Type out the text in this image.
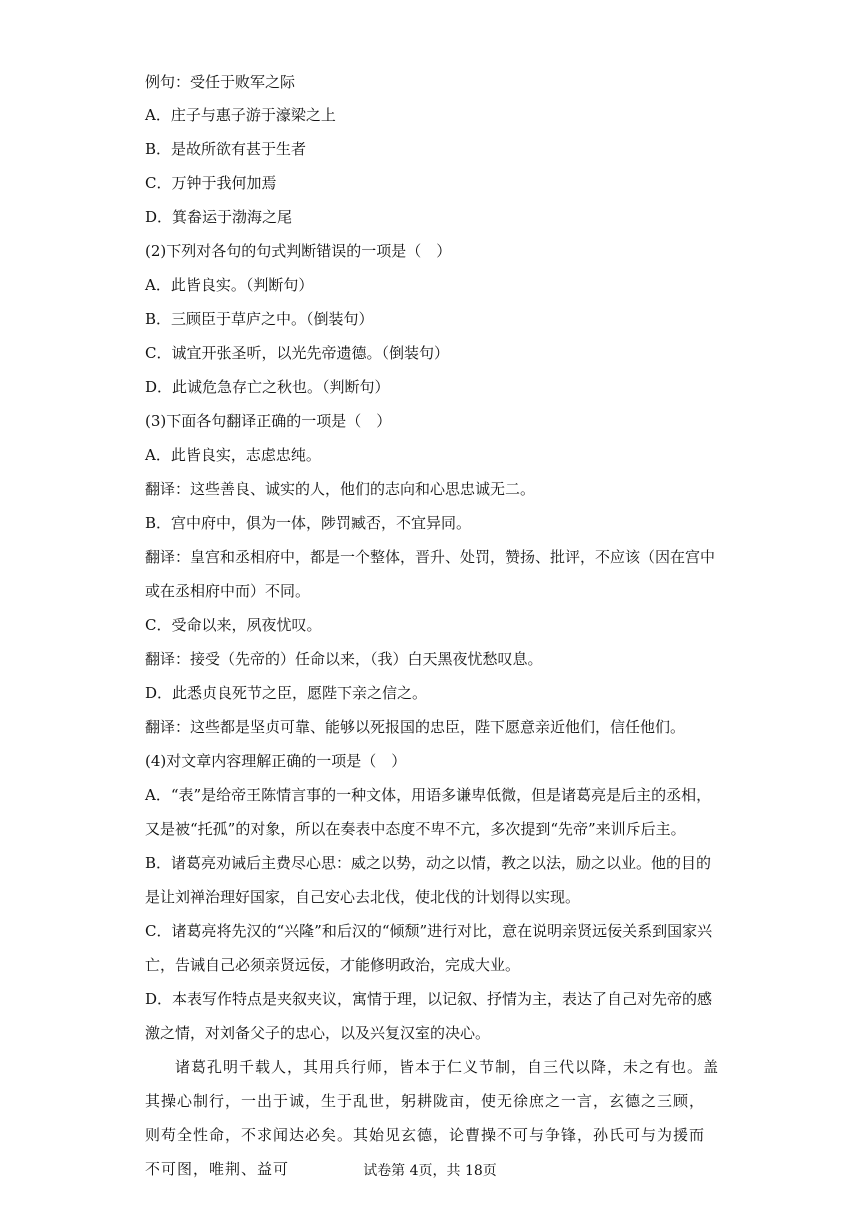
例句：受任于败军之际
A．庄子与惠子游于濠梁之上
B．是故所欲有甚于生者
C．万钟于我何加焉
D．箕畚运于渤海之尾
(2)下列对各句的句式判断错误的一项是（　）
A．此皆良实。（判断句）
B．三顾臣于草庐之中。（倒装句）
C．诚宜开张圣听，以光先帝遗德。（倒装句）
D．此诚危急存亡之秋也。（判断句）
(3)下面各句翻译正确的一项是（　）
A．此皆良实，志虑忠纯。
翻译：这些善良、诚实的人，他们的志向和心思忠诚无二。
B．宫中府中，俱为一体，陟罚臧否，不宜异同。
翻译：皇宫和丞相府中，都是一个整体，晋升、处罚，赞扬、批评，不应该（因在宫中
或在丞相府中而）不同。
C．受命以来，夙夜忧叹。
翻译：接受（先帝的）任命以来，（我）白天黑夜忧愁叹息。
D．此悉贞良死节之臣，愿陛下亲之信之。
翻译：这些都是坚贞可靠、能够以死报国的忠臣，陛下愿意亲近他们，信任他们。
(4)对文章内容理解正确的一项是（　）
A．“表”是给帝王陈情言事的一种文体，用语多谦卑低微，但是诸葛亮是后主的丞相，
又是被“托孤”的对象，所以在奏表中态度不卑不亢，多次提到“先帝”来训斥后主。
B．诸葛亮劝诫后主费尽心思：威之以势，动之以情，教之以法，励之以业。他的目的
是让刘禅治理好国家，自己安心去北伐，使北伐的计划得以实现。
C．诸葛亮将先汉的“兴隆”和后汉的“倾颓”进行对比，意在说明亲贤远佞关系到国家兴
亡，告诫自己必须亲贤远佞，才能修明政治，完成大业。
D．本表写作特点是夹叙夹议，寓情于理，以记叙、抒情为主，表达了自己对先帝的感
激之情，对刘备父子的忠心，以及兴复汉室的决心。
诸葛孔明千载人，其用兵行师，皆本于仁义节制，自三代以降，未之有也。盖其操心制行，一出于诚，生于乱世，躬耕陇亩，使无徐庶之一言，玄德之三顾，则苟全性命，不求闻达必矣。其始见玄德，论曹操不可与争锋，孙氏可与为援而不可图，唯荆、益可	试卷第 4页，共 18页
